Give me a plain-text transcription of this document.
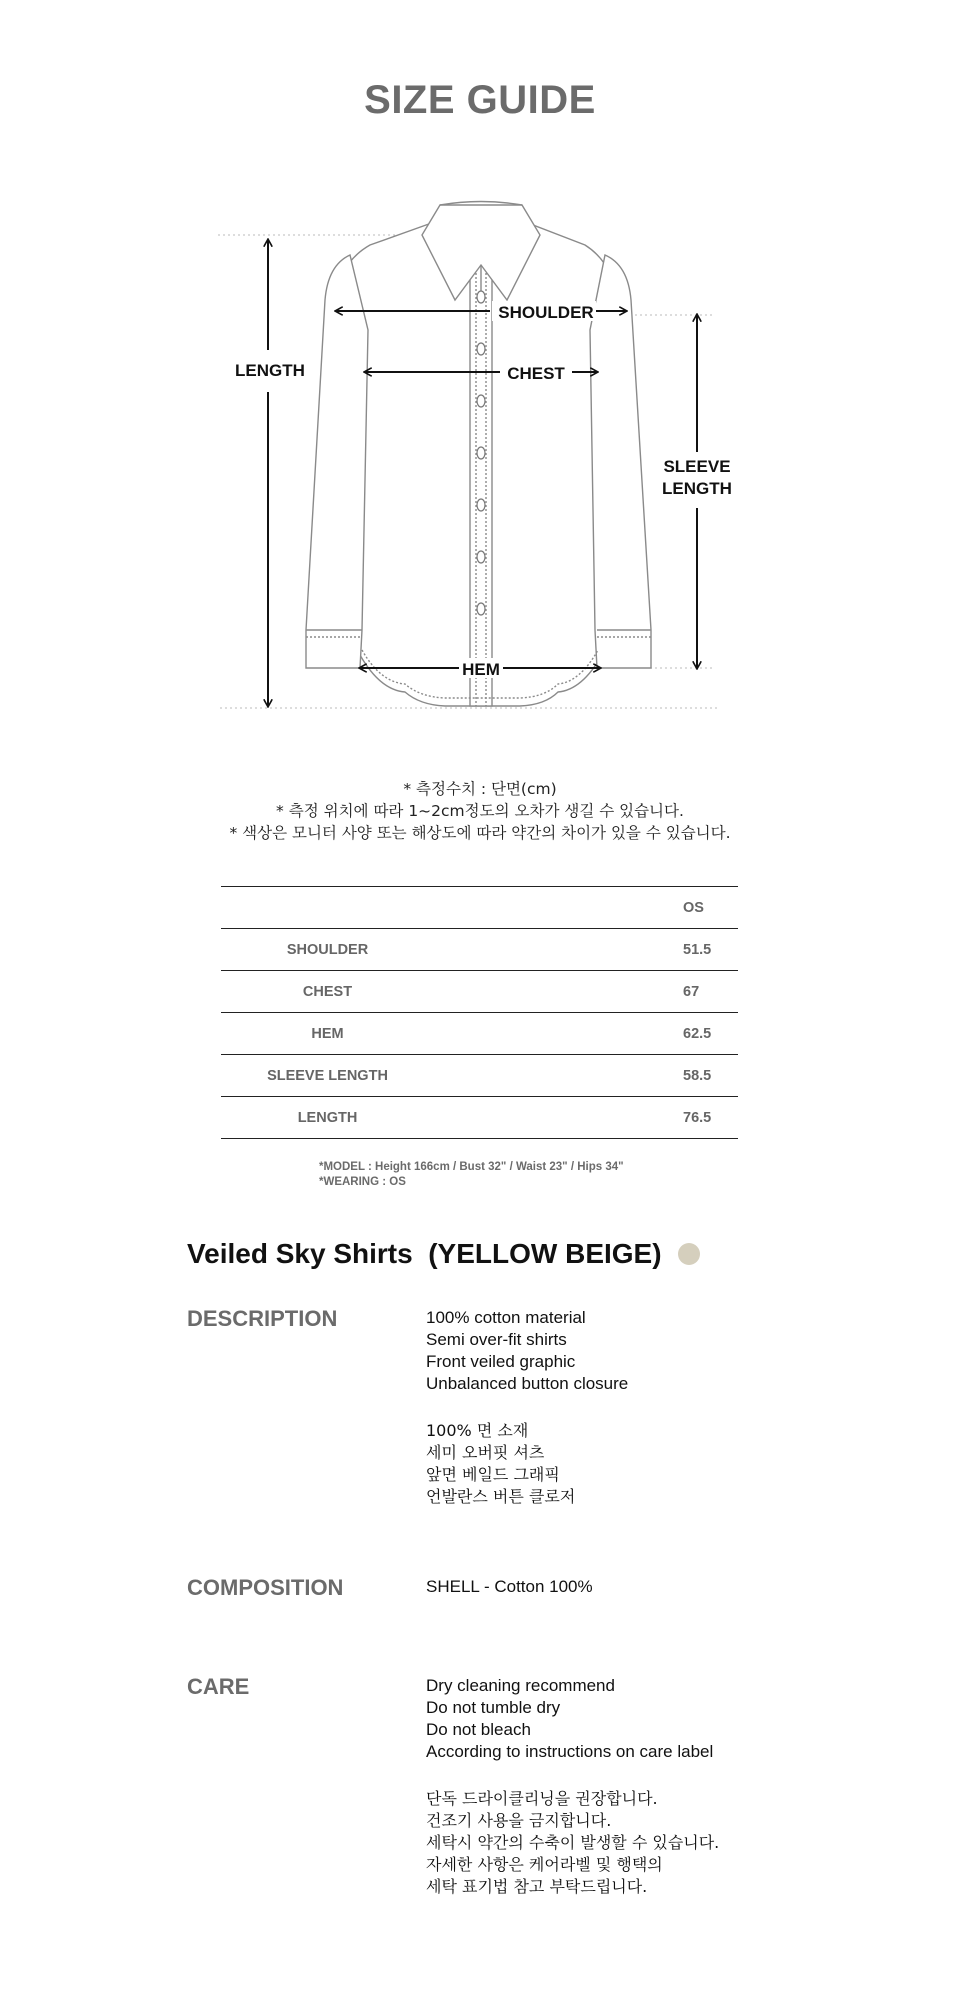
SIZE GUIDE
SHOULDER
CHEST
HEM
LENGTH
SLEEVE
LENGTH
* 측정수치 : 단면(cm)
* 측정 위치에 따라 1~2cm정도의 오차가 생길 수 있습니다.
* 색상은 모니터 사양 또는 해상도에 따라 약간의 차이가 있을 수 있습니다.
	OS
SHOULDER	51.5
CHEST	67
HEM	62.5
SLEEVE LENGTH	58.5
LENGTH	76.5
*MODEL : Height 166cm / Bust 32" / Waist 23" / Hips 34"
*WEARING : OS
Veiled Sky Shirts
(YELLOW BEIGE)
DESCRIPTION	100% cotton material
Semi over-fit shirts
Front veiled graphic
Unbalanced button closure
100% 면 소재
세미 오버핏 셔츠
앞면 베일드 그래픽
언발란스 버튼 클로저
COMPOSITION	SHELL - Cotton 100%
CARE	Dry cleaning recommend
Do not tumble dry
Do not bleach
According to instructions on care label
단독 드라이클리닝을 권장합니다.
건조기 사용을 금지합니다.
세탁시 약간의 수축이 발생할 수 있습니다.
자세한 사항은 케어라벨 및 행택의
세탁 표기법 참고 부탁드립니다.
